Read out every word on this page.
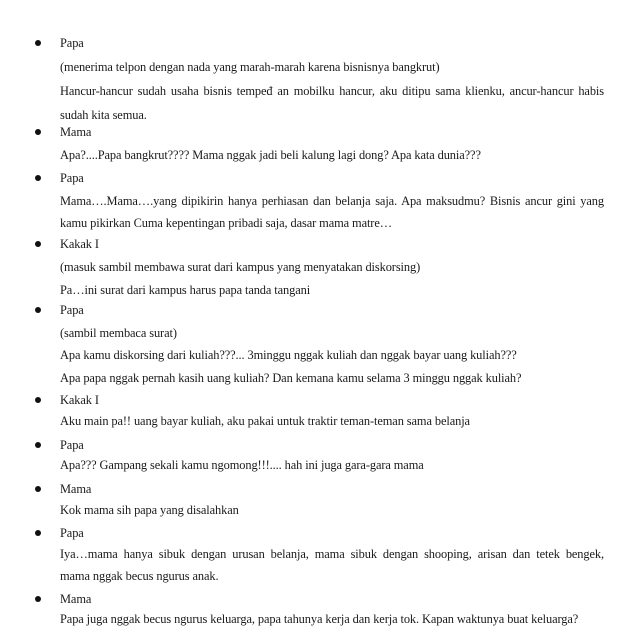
Papa
(menerima telpon dengan nada yang marah-marah karena bisnisnya bangkrut)
Hancur-hancur sudah usaha bisnis tempeđ an mobilku hancur, aku ditipu sama klienku, ancur-hancur habis
sudah kita semua.
Mama
Apa?....Papa bangkrut???? Mama nggak jadi beli kalung lagi dong? Apa kata dunia???
Papa
Mama….Mama….yang dipikirin hanya perhiasan dan belanja saja. Apa maksudmu? Bisnis ancur gini yang
kamu pikirkan Cuma kepentingan pribadi saja, dasar mama matre…
Kakak I
(masuk sambil membawa surat dari kampus yang menyatakan diskorsing)
Pa…ini surat dari kampus harus papa tanda tangani
Papa
(sambil membaca surat)
Apa kamu diskorsing dari kuliah???... 3minggu nggak kuliah dan nggak bayar uang kuliah???
Apa papa nggak pernah kasih uang kuliah? Dan kemana kamu selama 3 minggu nggak kuliah?
Kakak I
Aku main pa!! uang bayar kuliah, aku pakai untuk traktir teman-teman sama belanja
Papa
Apa??? Gampang sekali kamu ngomong!!!.... hah ini juga gara-gara mama
Mama
Kok mama sih papa yang disalahkan
Papa
Iya…mama hanya sibuk dengan urusan belanja, mama sibuk dengan shooping, arisan dan tetek bengek,
mama nggak becus ngurus anak.
Mama
Papa juga nggak becus ngurus keluarga, papa tahunya kerja dan kerja tok. Kapan waktunya buat keluarga?
